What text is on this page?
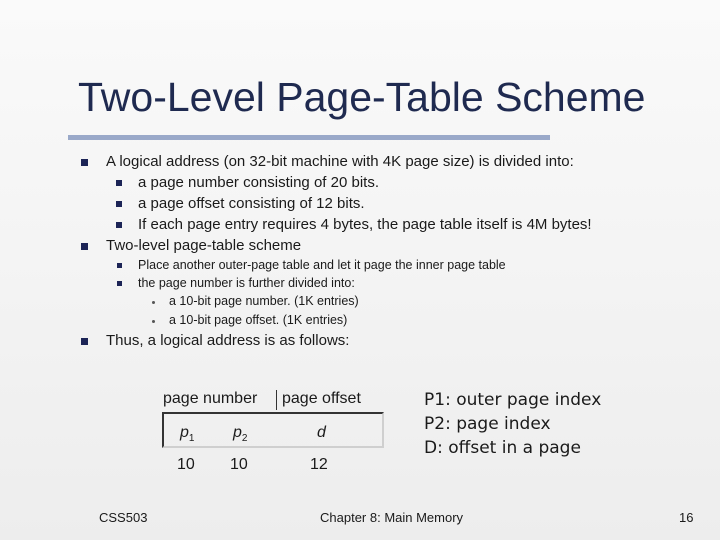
Two-Level Page-Table Scheme
A logical address (on 32-bit machine with 4K page size) is divided into:
a page number consisting of 20 bits.
a page offset consisting of 12 bits.
If each page entry requires 4 bytes, the page table itself is 4M bytes!
Two-level page-table scheme
Place another outer-page table and let it page the inner page table
the page number is further divided into:
a 10-bit page number. (1K entries)
a 10-bit page offset. (1K entries)
Thus, a logical address is as follows:
page number page offset
$p_1$ $p_2$	d
10 10	12
P1: outer page index
P2: page index
D: offset in a page
CSS503	Chapter 8: Main Memory	16
